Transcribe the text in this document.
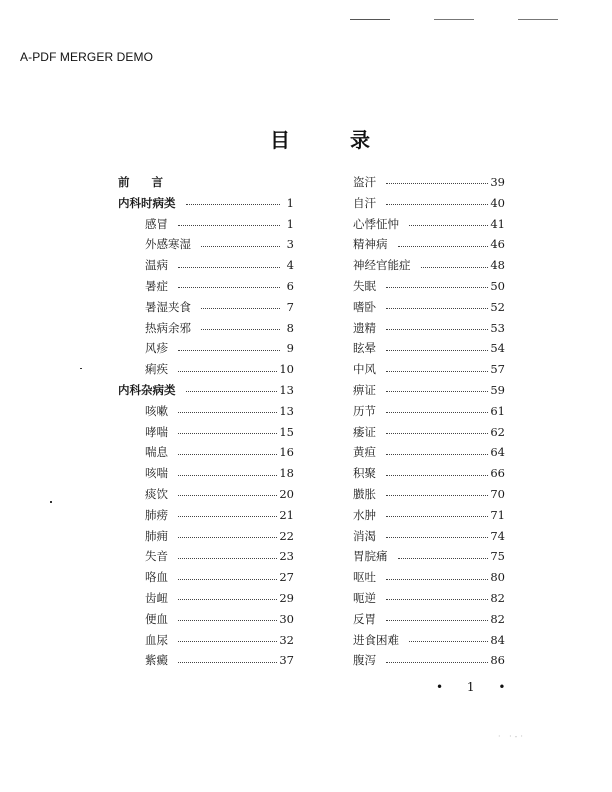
A-PDF MERGER DEMO
目	录
前言
内科时病类	1
感冒	1
外感寒湿	3
温病	4
暑症	6
暑湿夹食	7
热病余邪	8
风疹	9
痢疾	10
内科杂病类	13
咳嗽	13
哮喘	15
喘息	16
咳喘	18
痰饮	20
肺痨	21
肺痈	22
失音	23
咯血	27
齿衄	29
便血	30
血尿	32
紫癜	37
盗汗	39
自汗	40
心悸怔忡	41
精神病	46
神经官能症	48
失眠	50
嗜卧	52
遗精	53
眩晕	54
中风	57
痹证	59
历节	61
痿证	62
黄疸	64
积聚	66
臌胀	70
水肿	71
消渴	74
胃脘痛	75
呕吐	80
呃逆	82
反胃	82
进食困难	84
腹泻	86
• 1 •
· ·-·
